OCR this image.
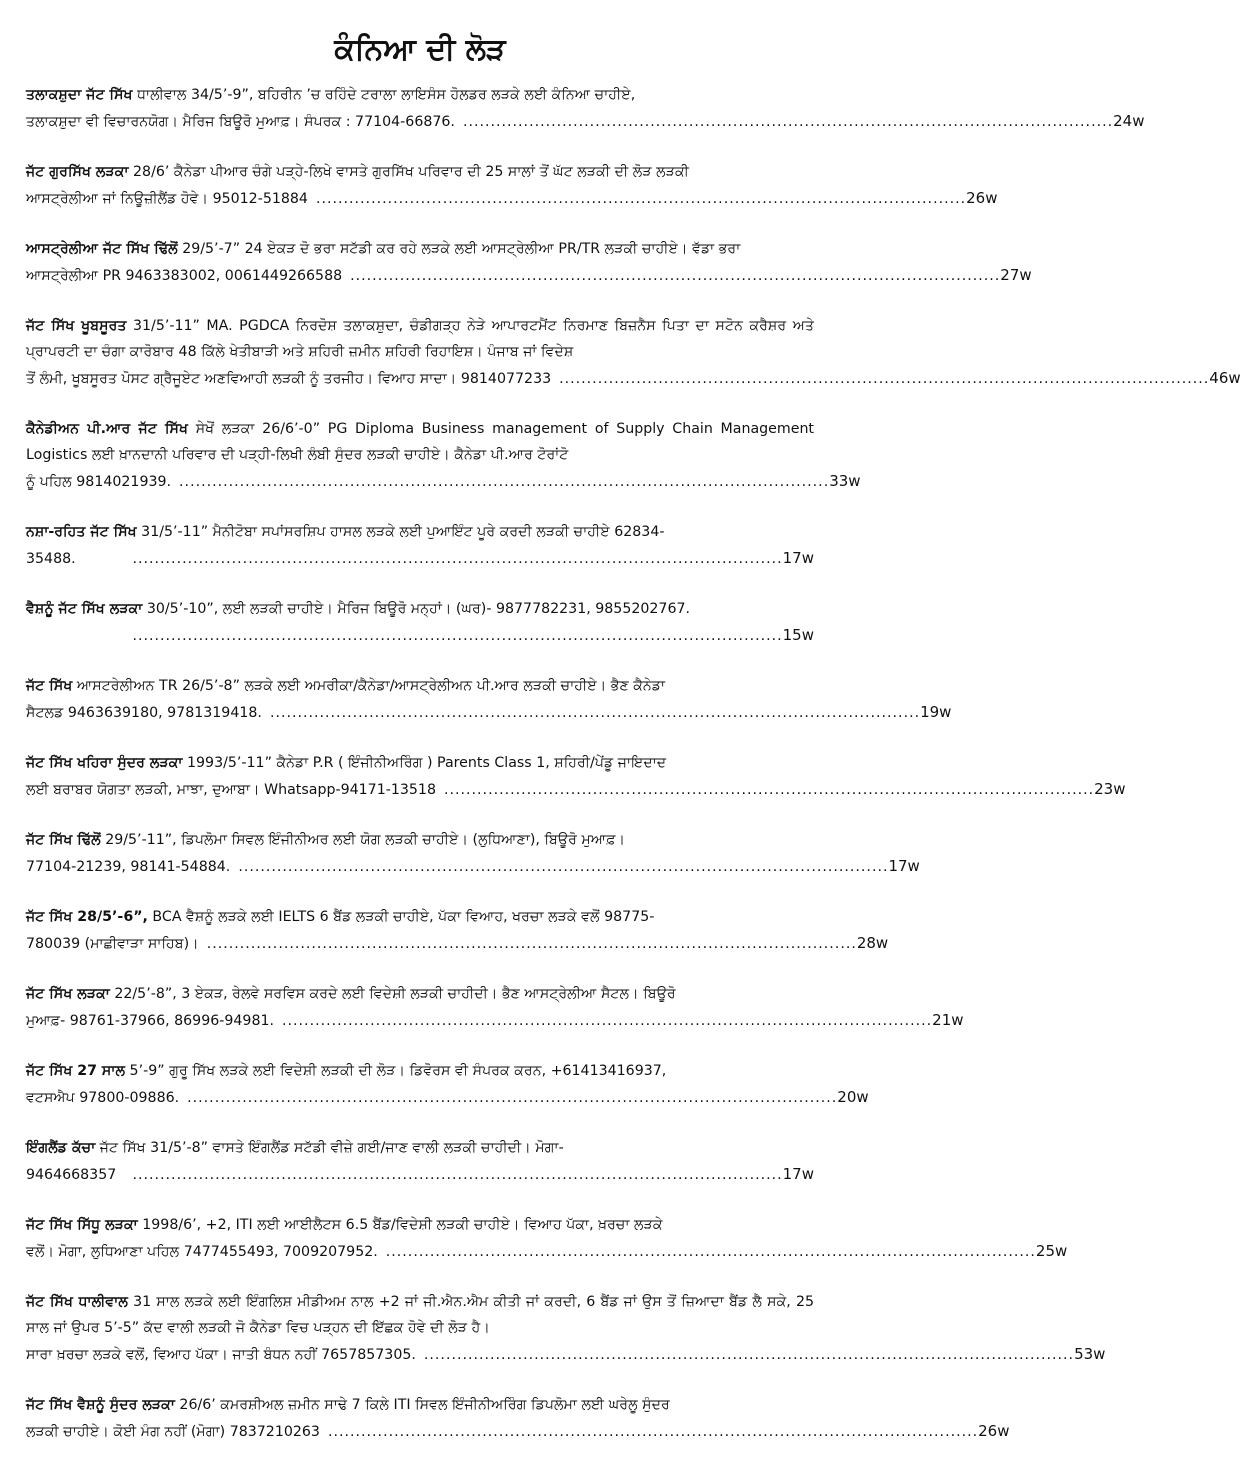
ਕੰਨਿਆ ਦੀ ਲੋੜ
ਤਲਾਕਸ਼ੁਦਾ ਜੱਟ ਸਿੱਖ ਧਾਲੀਵਾਲ 34/5’-9”, ਬਹਿਰੀਨ ’ਚ ਰਹਿੰਦੇ ਟਰਾਲਾ ਲਾਇਸੰਸ ਹੋਲਡਰ ਲੜਕੇ ਲਈ ਕੰਨਿਆ ਚਾਹੀਏ,
ਤਲਾਕਸ਼ੁਦਾ ਵੀ ਵਿਚਾਰਨਯੋਗ। ਮੈਰਿਜ ਬਿਊਰੋ ਮੁਆਫ਼। ਸੰਪਰਕ : 77104-66876. .....	24w
ਜੱਟ ਗੁਰਸਿੱਖ ਲੜਕਾ 28/6’ ਕੈਨੇਡਾ ਪੀਆਰ ਚੰਗੇ ਪੜ੍ਹੇ-ਲਿਖੇ ਵਾਸਤੇ ਗੁਰਸਿੱਖ ਪਰਿਵਾਰ ਦੀ 25 ਸਾਲਾਂ ਤੋਂ ਘੱਟ ਲੜਕੀ ਦੀ ਲੋੜ ਲੜਕੀ
ਆਸਟ੍ਰੇਲੀਆ ਜਾਂ ਨਿਊਜ਼ੀਲੈਂਡ ਹੋਵੇ। 95012-51884 .....	26w
ਆਸਟ੍ਰੇਲੀਆ ਜੱਟ ਸਿੱਖ ਢਿੱਲੋਂ 29/5’-7” 24 ਏਕੜ ਦੋ ਭਰਾ ਸਟੱਡੀ ਕਰ ਰਹੇ ਲੜਕੇ ਲਈ ਆਸਟ੍ਰੇਲੀਆ PR/TR ਲੜਕੀ ਚਾਹੀਏ। ਵੱਡਾ ਭਰਾ
ਆਸਟ੍ਰੇਲੀਆ PR 9463383002, 0061449266588 .....	27w
ਜੱਟ ਸਿੱਖ ਖੂਬਸੂਰਤ 31/5’-11” MA. PGDCA ਨਿਰਦੋਸ਼ ਤਲਾਕਸ਼ੁਦਾ, ਚੰਡੀਗੜ੍ਹ ਨੇੜੇ ਆਪਾਰਟਮੈਂਟ ਨਿਰਮਾਣ ਬਿਜ਼ਨੈਸ ਪਿਤਾ ਦਾ ਸਟੋਨ ਕਰੈਸ਼ਰ ਅਤੇ ਪ੍ਰਾਪਰਟੀ ਦਾ ਚੰਗਾ ਕਾਰੋਬਾਰ 48 ਕਿੱਲੇ ਖੇਤੀਬਾੜੀ ਅਤੇ ਸ਼ਹਿਰੀ ਜ਼ਮੀਨ ਸ਼ਹਿਰੀ ਰਿਹਾਇਸ਼। ਪੰਜਾਬ ਜਾਂ ਵਿਦੇਸ਼
ਤੋਂ ਲੰਮੀ, ਖੂਬਸੂਰਤ ਪੋਸਟ ਗ੍ਰੈਜੂਏਟ ਅਣਵਿਆਹੀ ਲੜਕੀ ਨੂੰ ਤਰਜੀਹ। ਵਿਆਹ ਸਾਦਾ। 9814077233 .....	46w
ਕੈਨੇਡੀਅਨ ਪੀ.ਆਰ ਜੱਟ ਸਿੱਖ ਸੇਖੋਂ ਲੜਕਾ 26/6’-0” PG Diploma Business management of Supply Chain Management Logistics ਲਈ ਖ਼ਾਨਦਾਨੀ ਪਰਿਵਾਰ ਦੀ ਪੜ੍ਹੀ-ਲਿਖੀ ਲੰਬੀ ਸੁੰਦਰ ਲੜਕੀ ਚਾਹੀਏ। ਕੈਨੇਡਾ ਪੀ.ਆਰ ਟੋਰਾਂਟੋ
ਨੂੰ ਪਹਿਲ 9814021939. .....	33w
ਨਸ਼ਾ-ਰਹਿਤ ਜੱਟ ਸਿੱਖ 31/5’-11” ਮੈਨੀਟੋਬਾ ਸਪਾਂਸਰਸ਼ਿਪ ਹਾਸਲ ਲੜਕੇ ਲਈ ਪੁਆਇੰਟ ਪੂਰੇ ਕਰਦੀ ਲੜਕੀ ਚਾਹੀਏ 62834-
35488. .....	17w
ਵੈਸ਼ਨੂੰ ਜੱਟ ਸਿੱਖ ਲੜਕਾ 30/5’-10”, ਲਈ ਲੜਕੀ ਚਾਹੀਏ। ਮੈਰਿਜ ਬਿਊਰੋ ਮਨ੍ਹਾਂ। (ਘਰ)- 9877782231, 9855202767.
.....
15w
ਜੱਟ ਸਿੱਖ ਆਸਟਰੇਲੀਅਨ TR 26/5’-8” ਲੜਕੇ ਲਈ ਅਮਰੀਕਾ/ਕੈਨੇਡਾ/ਆਸਟ੍ਰੇਲੀਅਨ ਪੀ.ਆਰ ਲੜਕੀ ਚਾਹੀਏ। ਭੈਣ ਕੈਨੇਡਾ
ਸੈਟਲਡ 9463639180, 9781319418. .....	19w
ਜੱਟ ਸਿੱਖ ਖਹਿਰਾ ਸੁੰਦਰ ਲੜਕਾ 1993/5’-11” ਕੈਨੇਡਾ P.R ( ਇੰਜੀਨੀਅਰਿੰਗ ) Parents Class 1, ਸ਼ਹਿਰੀ/ਪੇਂਡੂ ਜਾਇਦਾਦ
ਲਈ ਬਰਾਬਰ ਯੋਗਤਾ ਲੜਕੀ, ਮਾਝਾ, ਦੁਆਬਾ। Whatsapp-94171-13518 .....	23w
ਜੱਟ ਸਿੱਖ ਢਿੱਲੋਂ 29/5’-11”, ਡਿਪਲੋਮਾ ਸਿਵਲ ਇੰਜੀਨੀਅਰ ਲਈ ਯੋਗ ਲੜਕੀ ਚਾਹੀਏ। (ਲੁਧਿਆਣਾ), ਬਿਊਰੋ ਮੁਆਫ਼।
77104-21239, 98141-54884. .....	17w
ਜੱਟ ਸਿੱਖ 28/5’-6”, BCA ਵੈਸ਼ਨੂੰ ਲੜਕੇ ਲਈ IELTS 6 ਬੈਂਡ ਲੜਕੀ ਚਾਹੀਏ, ਪੱਕਾ ਵਿਆਹ, ਖਰਚਾ ਲੜਕੇ ਵਲੋਂ 98775-
780039 (ਮਾਛੀਵਾੜਾ ਸਾਹਿਬ)। .....	28w
ਜੱਟ ਸਿੱਖ ਲੜਕਾ 22/5’-8”, 3 ਏਕੜ, ਰੇਲਵੇ ਸਰਵਿਸ ਕਰਦੇ ਲਈ ਵਿਦੇਸ਼ੀ ਲੜਕੀ ਚਾਹੀਦੀ। ਭੈਣ ਆਸਟ੍ਰੇਲੀਆ ਸੈਟਲ। ਬਿਊਰੋ
ਮੁਆਫ਼- 98761-37966, 86996-94981. .....	21w
ਜੱਟ ਸਿੱਖ 27 ਸਾਲ 5’-9” ਗੁਰੂ ਸਿੱਖ ਲੜਕੇ ਲਈ ਵਿਦੇਸ਼ੀ ਲੜਕੀ ਦੀ ਲੋੜ। ਡਿਵੋਰਸ ਵੀ ਸੰਪਰਕ ਕਰਨ, +61413416937,
ਵਟਸਐਪ 97800-09886. .....	20w
ਇੰਗਲੈਂਡ ਕੱਚਾ ਜੱਟ ਸਿੱਖ 31/5’-8” ਵਾਸਤੇ ਇੰਗਲੈਂਡ ਸਟੱਡੀ ਵੀਜ਼ੇ ਗਈ/ਜਾਣ ਵਾਲੀ ਲੜਕੀ ਚਾਹੀਦੀ। ਮੋਗਾ-
9464668357 .....	17w
ਜੱਟ ਸਿੱਖ ਸਿੱਧੂ ਲੜਕਾ 1998/6’, +2, ITI ਲਈ ਆਈਲੈਟਸ 6.5 ਬੈਂਡ/ਵਿਦੇਸ਼ੀ ਲੜਕੀ ਚਾਹੀਏ। ਵਿਆਹ ਪੱਕਾ, ਖ਼ਰਚਾ ਲੜਕੇ
ਵਲੋਂ। ਮੋਗਾ, ਲੁਧਿਆਣਾ ਪਹਿਲ 7477455493, 7009207952. .....	25w
ਜੱਟ ਸਿੱਖ ਧਾਲੀਵਾਲ 31 ਸਾਲ ਲੜਕੇ ਲਈ ਇੰਗਲਿਸ਼ ਮੀਡੀਅਮ ਨਾਲ +2 ਜਾਂ ਜੀ.ਐਨ.ਐਮ ਕੀਤੀ ਜਾਂ ਕਰਦੀ, 6 ਬੈਂਡ ਜਾਂ ਉਸ ਤੋਂ ਜ਼ਿਆਦਾ ਬੈਂਡ ਲੈ ਸਕੇ, 25 ਸਾਲ ਜਾਂ ਉਪਰ 5’-5” ਕੱਦ ਵਾਲੀ ਲੜਕੀ ਜੋ ਕੈਨੇਡਾ ਵਿਚ ਪੜ੍ਹਨ ਦੀ ਇੱਛਕ ਹੋਵੇ ਦੀ ਲੋੜ ਹੈ।
ਸਾਰਾ ਖ਼ਰਚਾ ਲੜਕੇ ਵਲੋਂ, ਵਿਆਹ ਪੱਕਾ। ਜਾਤੀ ਬੰਧਨ ਨਹੀਂ 7657857305. .....	53w
ਜੱਟ ਸਿੱਖ ਵੈਸ਼ਨੂੰ ਸੁੰਦਰ ਲੜਕਾ 26/6’ ਕਮਰਸ਼ੀਅਲ ਜ਼ਮੀਨ ਸਾਢੇ 7 ਕਿਲੇ ITI ਸਿਵਲ ਇੰਜੀਨੀਅਰਿੰਗ ਡਿਪਲੋਮਾ ਲਈ ਘਰੇਲੂ ਸੁੰਦਰ
ਲੜਕੀ ਚਾਹੀਏ। ਕੋਈ ਮੰਗ ਨਹੀਂ (ਮੋਗਾ) 7837210263 .....	26w
